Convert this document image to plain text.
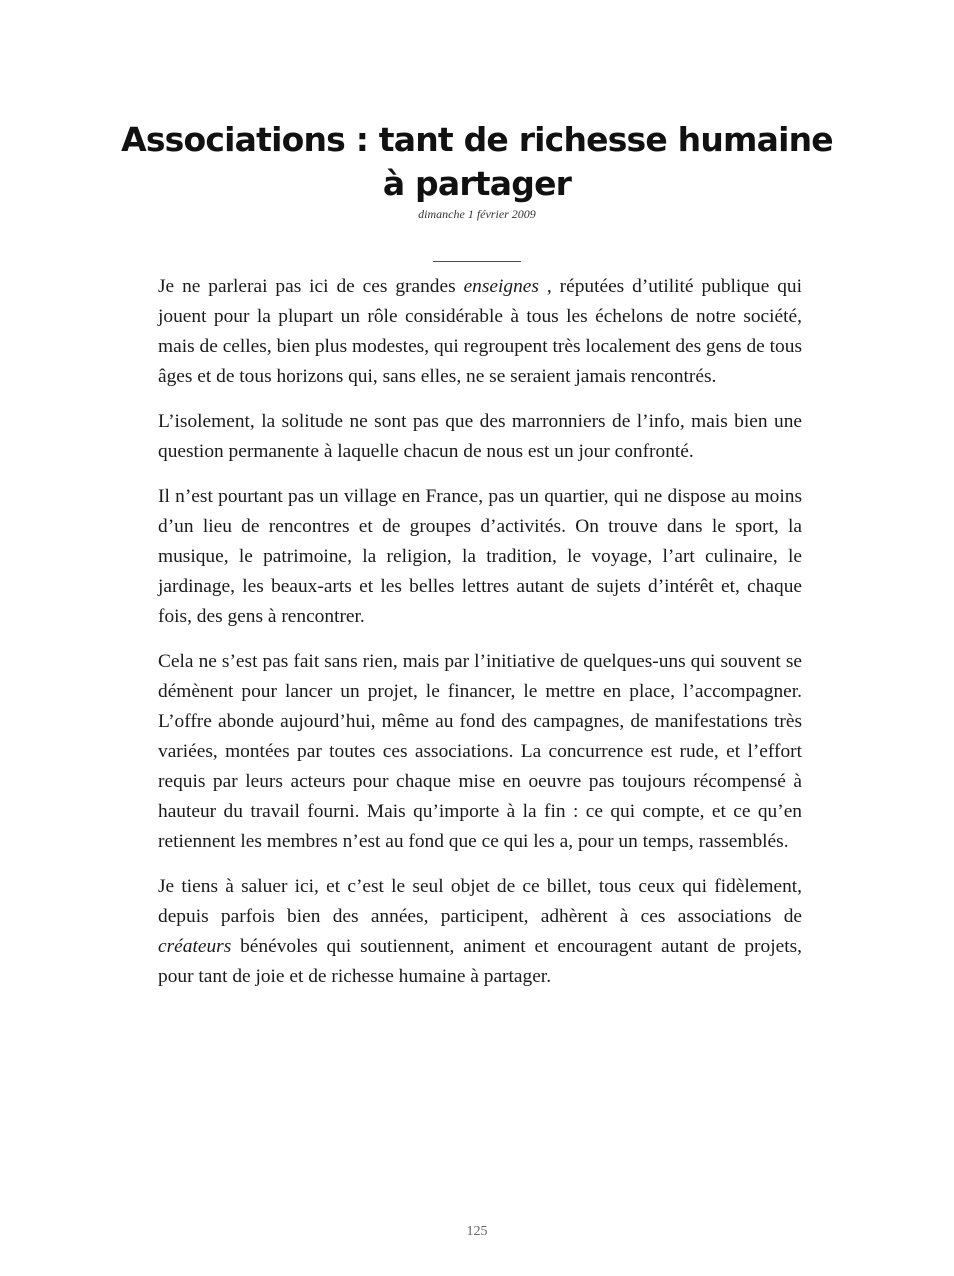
Associations : tant de richesse humaine
à partager
dimanche 1 février 2009
___________

Je ne parlerai pas ici de ces grandes enseignes , réputées d’utilité publique qui jouent pour la plupart un rôle considérable à tous les échelons de notre société, mais de celles, bien plus modestes, qui regroupent très localement des gens de tous âges et de tous horizons qui, sans elles, ne se seraient jamais rencontrés.

L’isolement, la solitude ne sont pas que des marronniers de l’info, mais bien une question permanente à laquelle chacun de nous est un jour confronté.

Il n’est pourtant pas un village en France, pas un quartier, qui ne dispose au moins d’un lieu de rencontres et de groupes d’activités. On trouve dans le sport, la musique, le patrimoine, la religion, la tradition, le voyage, l’art culinaire, le jardinage, les beaux-arts et les belles lettres autant de sujets d’intérêt et, chaque fois, des gens à rencontrer.

Cela ne s’est pas fait sans rien, mais par l’initiative de quelques-uns qui souvent se démènent pour lancer un projet, le financer, le mettre en place, l’accompagner. L’offre abonde aujourd’hui, même au fond des campagnes, de manifestations très variées, montées par toutes ces associations. La concurrence est rude, et l’effort requis par leurs acteurs pour chaque mise en oeuvre pas toujours récompensé à hauteur du travail fourni. Mais qu’importe à la fin : ce qui compte, et ce qu’en retiennent les membres n’est au fond que ce qui les a, pour un temps, rassemblés.

Je tiens à saluer ici, et c’est le seul objet de ce billet, tous ceux qui fidèlement, depuis parfois bien des années, participent, adhèrent à ces associations de créateurs bénévoles qui soutiennent, animent et encouragent autant de projets, pour tant de joie et de richesse humaine à partager.

125
